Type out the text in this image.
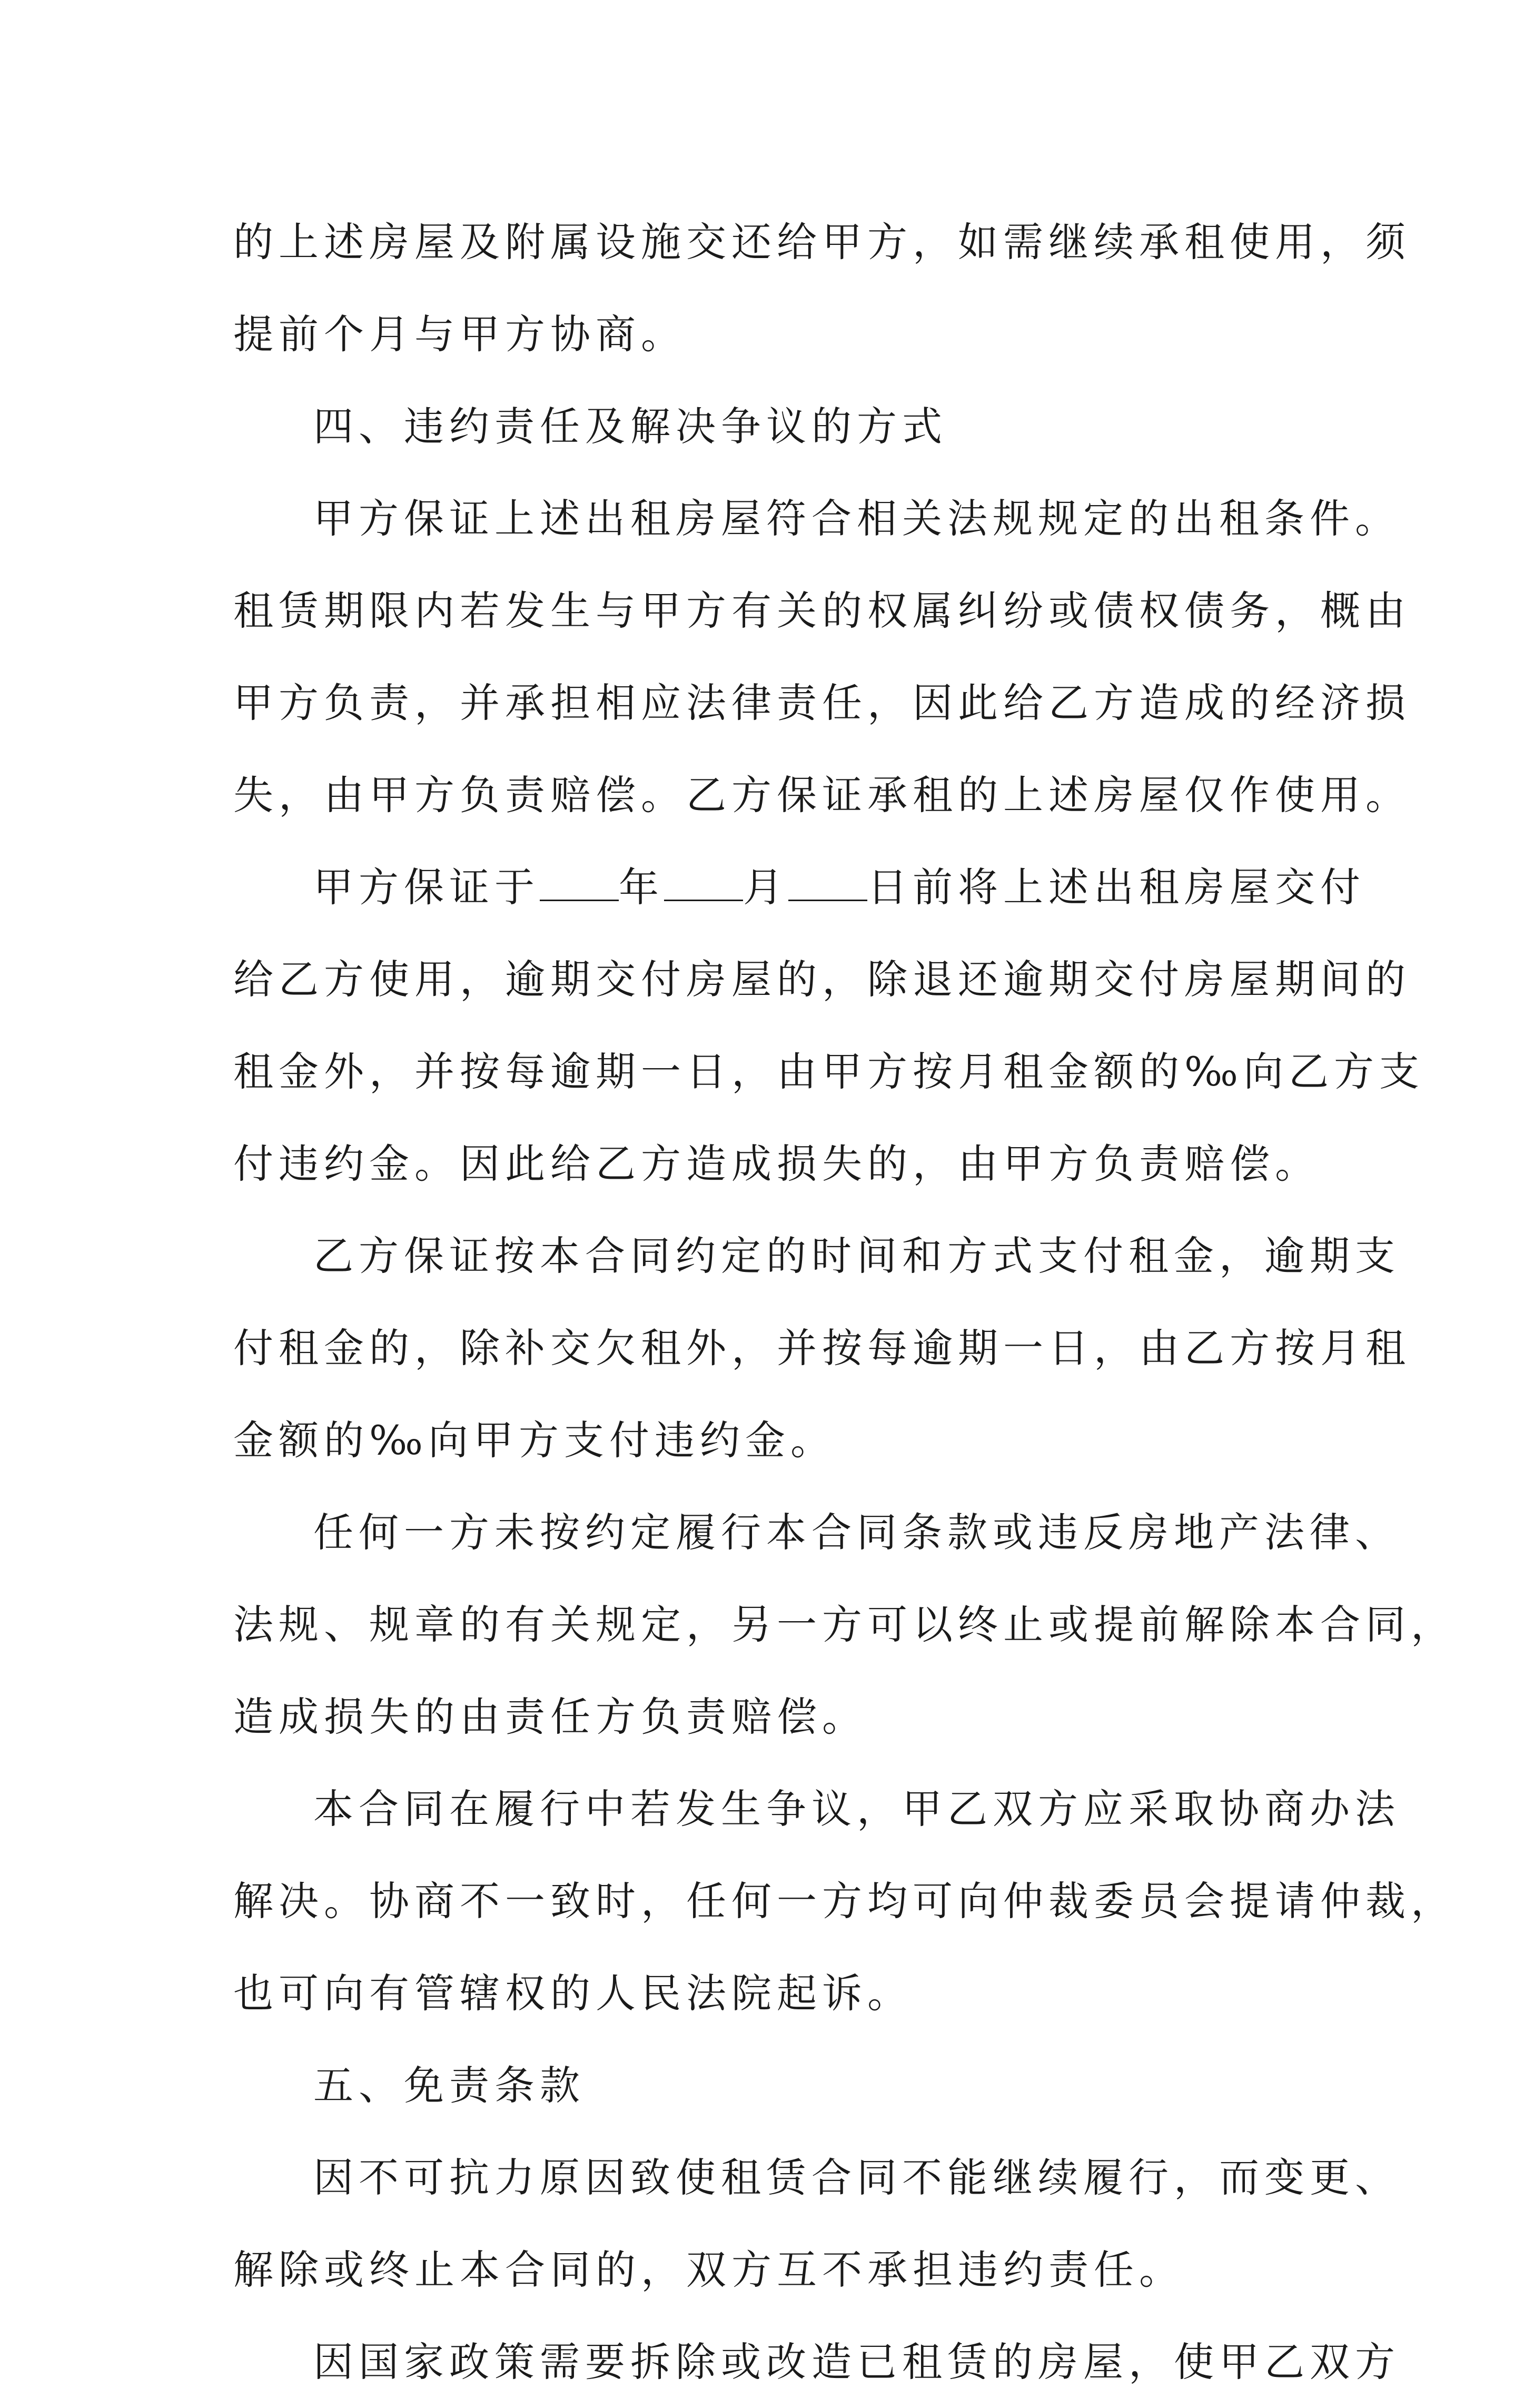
的上述房屋及附属设施交还给甲方，如需继续承租使用，须
提前个月与甲方协商。

四、违约责任及解决争议的方式

甲方保证上述出租房屋符合相关法规规定的出租条件。
租赁期限内若发生与甲方有关的权属纠纷或债权债务，概由
甲方负责，并承担相应法律责任，因此给乙方造成的经济损
失，由甲方负责赔偿。乙方保证承租的上述房屋仅作使用。

甲方保证于 年 月 日前将上述出租房屋交付
给乙方使用，逾期交付房屋的，除退还逾期交付房屋期间的
租金外，并按每逾期一日，由甲方按月租金额的‰向乙方支
付违约金。因此给乙方造成损失的，由甲方负责赔偿。

乙方保证按本合同约定的时间和方式支付租金，逾期支
付租金的，除补交欠租外，并按每逾期一日，由乙方按月租
金额的‰向甲方支付违约金。

任何一方未按约定履行本合同条款或违反房地产法律、
法规、规章的有关规定，另一方可以终止或提前解除本合同，
造成损失的由责任方负责赔偿。

本合同在履行中若发生争议，甲乙双方应采取协商办法
解决。协商不一致时，任何一方均可向仲裁委员会提请仲裁，
也可向有管辖权的人民法院起诉。

五、免责条款

因不可抗力原因致使租赁合同不能继续履行，而变更、
解除或终止本合同的，双方互不承担违约责任。

因国家政策需要拆除或改造已租赁的房屋，使甲乙双方
